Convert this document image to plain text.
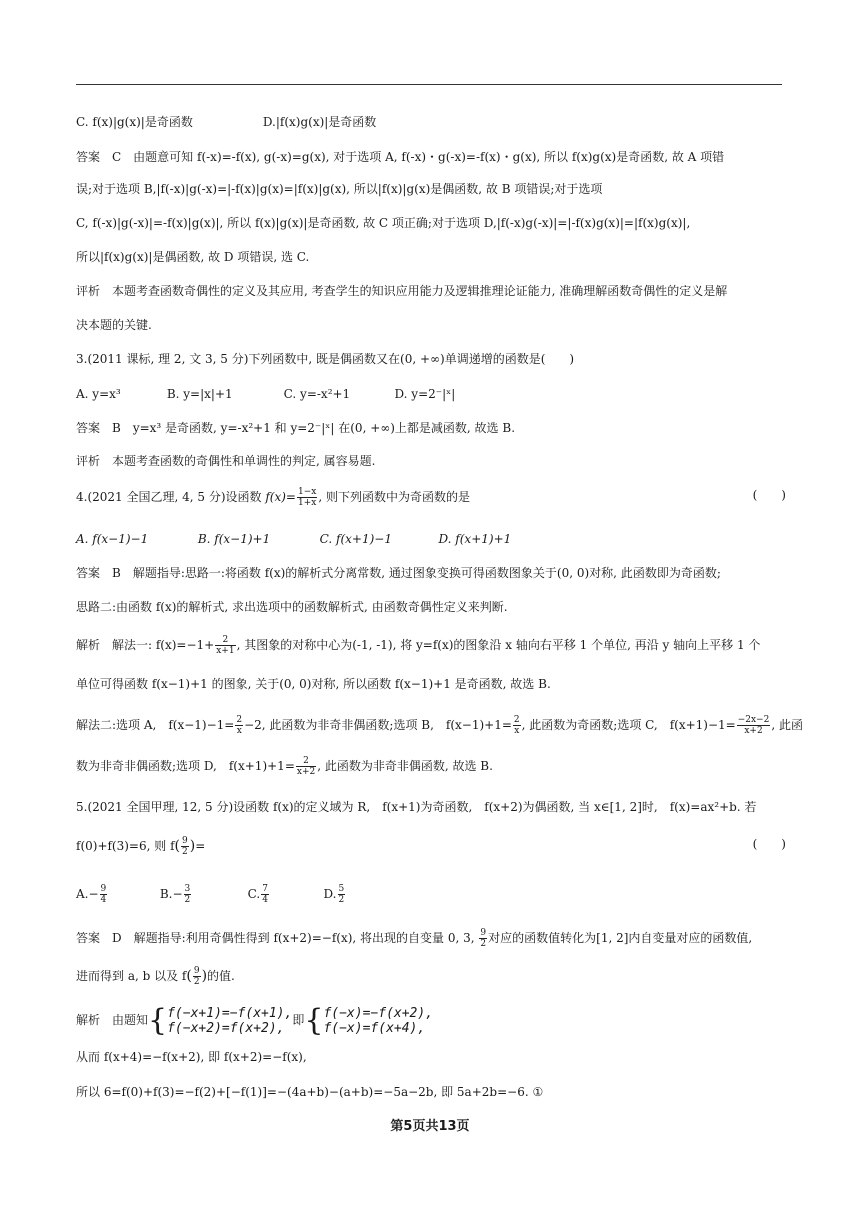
C. f(x)|g(x)|是奇函数	D.|f(x)g(x)|是奇函数
答案　C　由题意可知 f(-x)=-f(x), g(-x)=g(x), 对于选项 A, f(-x)・g(-x)=-f(x)・g(x), 所以 f(x)g(x)是奇函数, 故 A 项错
误;对于选项 B,|f(-x)|g(-x)=|-f(x)|g(x)=|f(x)|g(x), 所以|f(x)|g(x)是偶函数, 故 B 项错误;对于选项
C, f(-x)|g(-x)|=-f(x)|g(x)|, 所以 f(x)|g(x)|是奇函数, 故 C 项正确;对于选项 D,|f(-x)g(-x)|=|-f(x)g(x)|=|f(x)g(x)|,
所以|f(x)g(x)|是偶函数, 故 D 项错误, 选 C.
评析　本题考查函数奇偶性的定义及其应用, 考查学生的知识应用能力及逻辑推理论证能力, 准确理解函数奇偶性的定义是解
决本题的关键.
3.(2011 课标, 理 2, 文 3, 5 分)下列函数中, 既是偶函数又在(0, +∞)单调递增的函数是(　　)
A. y=x³	B. y=|x|+1	C. y=-x²+1	D. y=2⁻|ˣ|
答案　B　y=x³ 是奇函数, y=-x²+1 和 y=2⁻|ˣ| 在(0, +∞)上都是减函数, 故选 B.
评析　本题考查函数的奇偶性和单调性的判定, 属容易题.
4.(2021 全国乙理, 4, 5 分)设函数 $f(x)= \frac{1-x}{1+x}$ , 则下列函数中为奇函数的是	(　　)
A. f(x−1)−1	B. f(x−1)+1	C. f(x+1)−1	D. f(x+1)+1
答案　B　解题指导:思路一:将函数 f(x)的解析式分离常数, 通过图象变换可得函数图象关于(0, 0)对称, 此函数即为奇函数;
思路二:由函数 f(x)的解析式, 求出选项中的函数解析式, 由函数奇偶性定义来判断.
解析　解法一: $f(x)=-1+ \frac{2}{x+1}$ , 其图象的对称中心为(-1, -1), 将 y=f(x)的图象沿 x 轴向右平移 1 个单位, 再沿 y 轴向上平移 1 个
单位可得函数 f(x−1)+1 的图象, 关于(0, 0)对称, 所以函数 f(x−1)+1 是奇函数, 故选 B.
解法二:选项 A,　$f(x-1)-1= \frac{2}{x} -2$, 此函数为非奇非偶函数;选项 B,　$f(x-1)+1= \frac{2}{x}$ , 此函数为奇函数;选项 C,　$f(x+1)-1= \frac{-2x-2}{x+2}$ , 此函
数为非奇非偶函数;选项 D,　$f(x+1)+1= \frac{2}{x+2}$ , 此函数为非奇非偶函数, 故选 B.
5.(2021 全国甲理, 12, 5 分)设函数 f(x)的定义域为 R,　f(x+1)为奇函数,　f(x+2)为偶函数, 当 x∈[1, 2]时,　f(x)=ax²+b. 若
f(0)+f(3)=6, 则 $f( \frac{9}{2}$ )=	(　　)
$A.- \frac{9}{4}$	$B.- \frac{3}{2}$	C. $\frac{7}{4}$	D. $\frac{5}{2}$
答案　D　解题指导:利用奇偶性得到 f(x+2)=−f(x), 将出现的自变量 0, 3, $\frac{9}{2}$ 对应的函数值转化为[1, 2]内自变量对应的函数值,
进而得到 a, b 以及 $f( \frac{9}{2}$ )的值.
解析　由题知{ f(−x+1)=−f(x+1),
f(−x+2)=f(x+2),
即{ f(−x)=−f(x+2),
f(−x)=f(x+4),
从而 f(x+4)=−f(x+2), 即 f(x+2)=−f(x),
所以 6=f(0)+f(3)=−f(2)+[−f(1)]=−(4a+b)−(a+b)=−5a−2b, 即 5a+2b=−6. ①
第5页共13页
